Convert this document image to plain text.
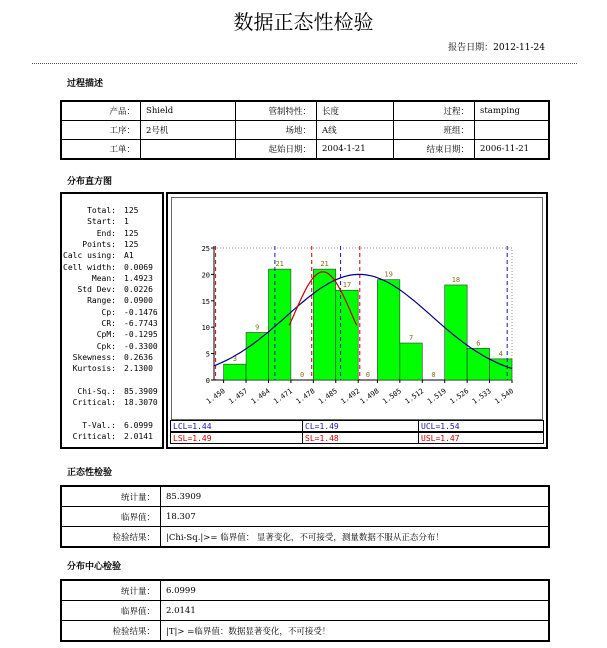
数据正态性检验
报告日期：2012-11-24
过程描述
产品：	Shield	管制特性：	长度	过程：	stamping
工序：	2号机	场地：	A线	班组：	
工单：		起始日期：	2004-1-21	结束日期：	2006-11-21
分布直方图
Total: 125
Start: 1
End: 125
Points: 125
Calc using: A1
Cell width: 0.0069
Mean: 1.4923
Std Dev: 0.0226
Range: 0.0900
Cp: -0.1476
CR: -6.7743
CpM: -0.1295
Cpk: -0.3300
Skewness: 0.2636
Kurtosis: 2.1300
Chi-Sq.: 85.3909
Critical: 18.3070
T-Val.: 6.0999
Critical: 2.0141
0
5
10
15
20
25
3
9
21
0
21
17
0
19
7
0
18
6
4
1.450 1.457 1.464 1.471 1.478 1.485 1.492
1.498 1.505 1.512 1.519 1.526 1.533 1.540
LCL=1.44	CL=1.49	UCL=1.54
LSL=1.49	SL=1.48	USL=1.47
正态性检验
统计量：	85.3909
临界值：	18.307
检验结果：	|Chi-Sq.|>= 临界值： 显著变化，不可接受，测量数据不服从正态分布！
分布中心检验
统计量：	6.0999
临界值：	2.0141
检验结果：	|T|> =临界值：数据显著变化，不可接受！
